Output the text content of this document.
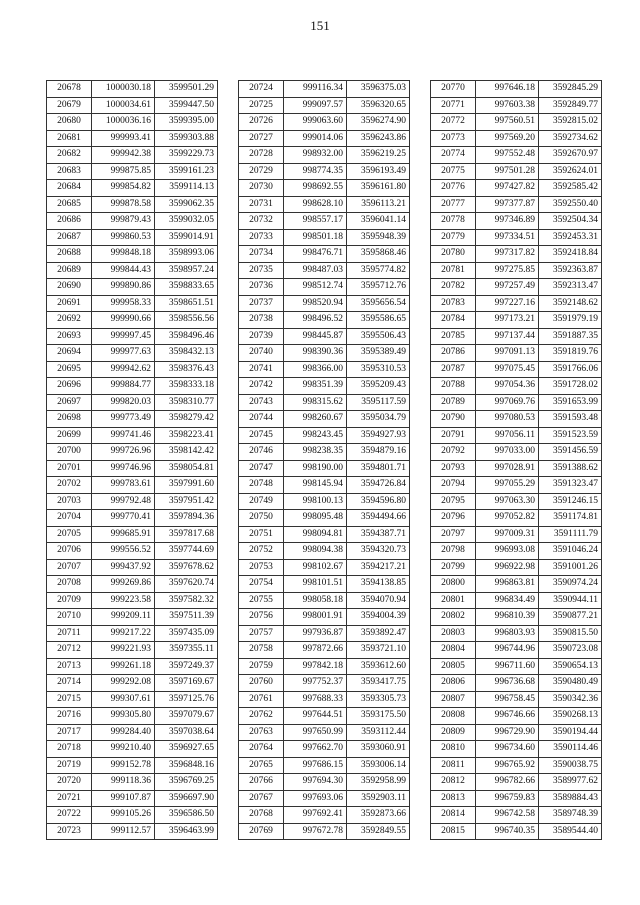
151
20678	1000030.18	3599501.29
20679	1000034.61	3599447.50
20680	1000036.16	3599395.00
20681	999993.41	3599303.88
20682	999942.38	3599229.73
20683	999875.85	3599161.23
20684	999854.82	3599114.13
20685	999878.58	3599062.35
20686	999879.43	3599032.05
20687	999860.53	3599014.91
20688	999848.18	3598993.06
20689	999844.43	3598957.24
20690	999890.86	3598833.65
20691	999958.33	3598651.51
20692	999990.66	3598556.56
20693	999997.45	3598496.46
20694	999977.63	3598432.13
20695	999942.62	3598376.43
20696	999884.77	3598333.18
20697	999820.03	3598310.77
20698	999773.49	3598279.42
20699	999741.46	3598223.41
20700	999726.96	3598142.42
20701	999746.96	3598054.81
20702	999783.61	3597991.60
20703	999792.48	3597951.42
20704	999770.41	3597894.36
20705	999685.91	3597817.68
20706	999556.52	3597744.69
20707	999437.92	3597678.62
20708	999269.86	3597620.74
20709	999223.58	3597582.32
20710	999209.11	3597511.39
20711	999217.22	3597435.09
20712	999221.93	3597355.11
20713	999261.18	3597249.37
20714	999292.08	3597169.67
20715	999307.61	3597125.76
20716	999305.80	3597079.67
20717	999284.40	3597038.64
20718	999210.40	3596927.65
20719	999152.78	3596848.16
20720	999118.36	3596769.25
20721	999107.87	3596697.90
20722	999105.26	3596586.50
20723	999112.57	3596463.99
20724	999116.34	3596375.03
20725	999097.57	3596320.65
20726	999063.60	3596274.90
20727	999014.06	3596243.86
20728	998932.00	3596219.25
20729	998774.35	3596193.49
20730	998692.55	3596161.80
20731	998628.10	3596113.21
20732	998557.17	3596041.14
20733	998501.18	3595948.39
20734	998476.71	3595868.46
20735	998487.03	3595774.82
20736	998512.74	3595712.76
20737	998520.94	3595656.54
20738	998496.52	3595586.65
20739	998445.87	3595506.43
20740	998390.36	3595389.49
20741	998366.00	3595310.53
20742	998351.39	3595209.43
20743	998315.62	3595117.59
20744	998260.67	3595034.79
20745	998243.45	3594927.93
20746	998238.35	3594879.16
20747	998190.00	3594801.71
20748	998145.94	3594726.84
20749	998100.13	3594596.80
20750	998095.48	3594494.66
20751	998094.81	3594387.71
20752	998094.38	3594320.73
20753	998102.67	3594217.21
20754	998101.51	3594138.85
20755	998058.18	3594070.94
20756	998001.91	3594004.39
20757	997936.87	3593892.47
20758	997872.66	3593721.10
20759	997842.18	3593612.60
20760	997752.37	3593417.75
20761	997688.33	3593305.73
20762	997644.51	3593175.50
20763	997650.99	3593112.44
20764	997662.70	3593060.91
20765	997686.15	3593006.14
20766	997694.30	3592958.99
20767	997693.06	3592903.11
20768	997692.41	3592873.66
20769	997672.78	3592849.55
20770	997646.18	3592845.29
20771	997603.38	3592849.77
20772	997560.51	3592815.02
20773	997569.20	3592734.62
20774	997552.48	3592670.97
20775	997501.28	3592624.01
20776	997427.82	3592585.42
20777	997377.87	3592550.40
20778	997346.89	3592504.34
20779	997334.51	3592453.31
20780	997317.82	3592418.84
20781	997275.85	3592363.87
20782	997257.49	3592313.47
20783	997227.16	3592148.62
20784	997173.21	3591979.19
20785	997137.44	3591887.35
20786	997091.13	3591819.76
20787	997075.45	3591766.06
20788	997054.36	3591728.02
20789	997069.76	3591653.99
20790	997080.53	3591593.48
20791	997056.11	3591523.59
20792	997033.00	3591456.59
20793	997028.91	3591388.62
20794	997055.29	3591323.47
20795	997063.30	3591246.15
20796	997052.82	3591174.81
20797	997009.31	3591111.79
20798	996993.08	3591046.24
20799	996922.98	3591001.26
20800	996863.81	3590974.24
20801	996834.49	3590944.11
20802	996810.39	3590877.21
20803	996803.93	3590815.50
20804	996744.96	3590723.08
20805	996711.60	3590654.13
20806	996736.68	3590480.49
20807	996758.45	3590342.36
20808	996746.66	3590268.13
20809	996729.90	3590194.44
20810	996734.60	3590114.46
20811	996765.92	3590038.75
20812	996782.66	3589977.62
20813	996759.83	3589884.43
20814	996742.58	3589748.39
20815	996740.35	3589544.40
